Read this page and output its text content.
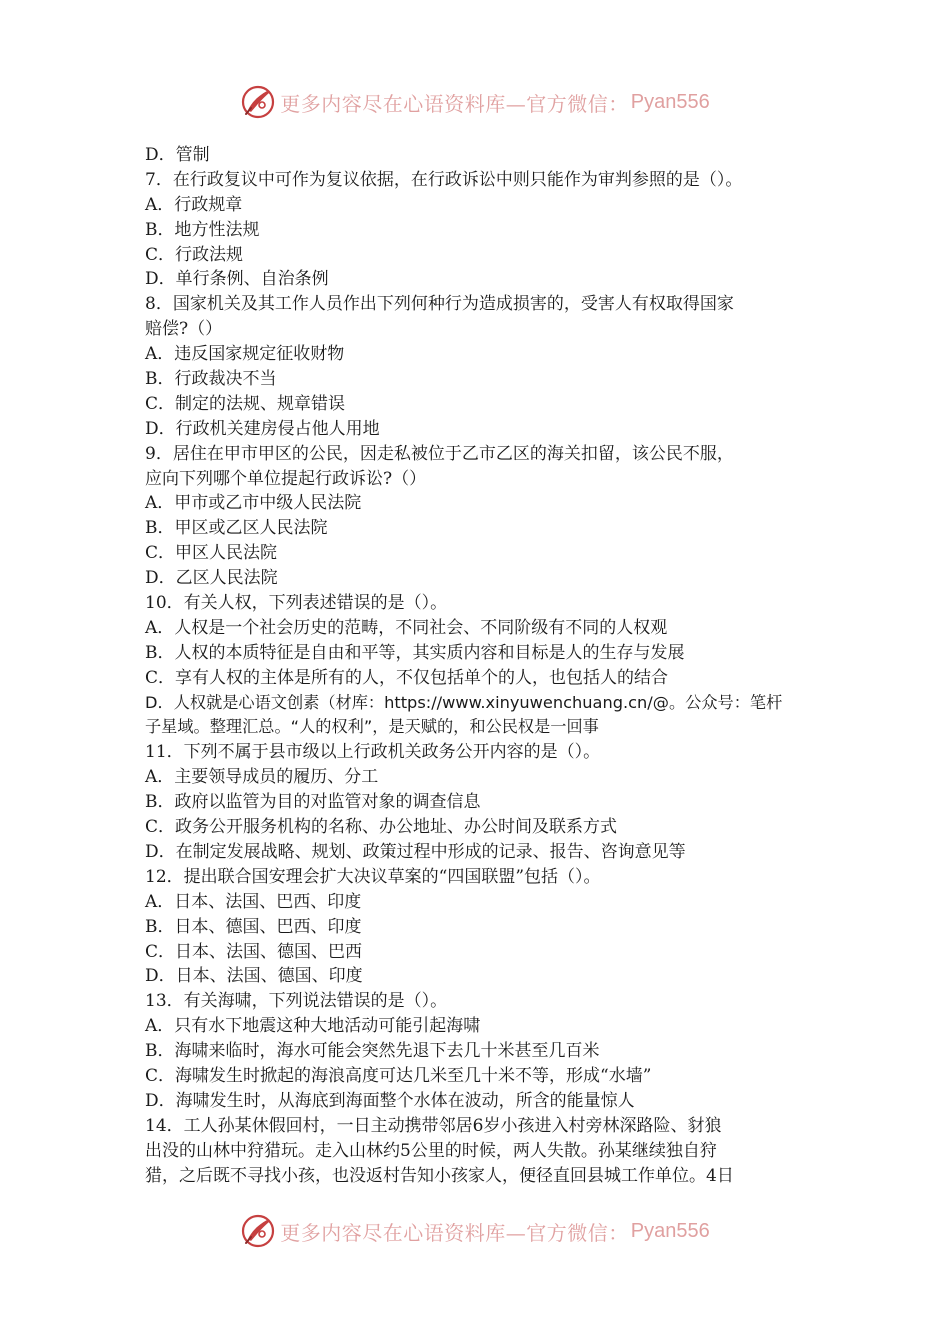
更多内容尽在心语资料库—官方微信： Pyan556
D．管制
7．在行政复议中可作为复议依据，在行政诉讼中则只能作为审判参照的是（）。
A．行政规章
B．地方性法规
C．行政法规
D．单行条例、自治条例
8．国家机关及其工作人员作出下列何种行为造成损害的，受害人有权取得国家
赔偿?（）
A．违反国家规定征收财物
B．行政裁决不当
C．制定的法规、规章错误
D．行政机关建房侵占他人用地
9．居住在甲市甲区的公民，因走私被位于乙市乙区的海关扣留，该公民不服，
应向下列哪个单位提起行政诉讼?（）
A．甲市或乙市中级人民法院
B．甲区或乙区人民法院
C．甲区人民法院
D．乙区人民法院
10．有关人权，下列表述错误的是（）。
A．人权是一个社会历史的范畴，不同社会、不同阶级有不同的人权观
B．人权的本质特征是自由和平等，其实质内容和目标是人的生存与发展
C．享有人权的主体是所有的人，不仅包括单个的人，也包括人的结合
D．人权就是心语文创素（材库：https://www.xinyuwenchuang.cn/@。公众号：笔杆
子星域。整理汇总。“人的权利”，是天赋的，和公民权是一回事
11．下列不属于县市级以上行政机关政务公开内容的是（）。
A．主要领导成员的履历、分工
B．政府以监管为目的对监管对象的调查信息
C．政务公开服务机构的名称、办公地址、办公时间及联系方式
D．在制定发展战略、规划、政策过程中形成的记录、报告、咨询意见等
12．提出联合国安理会扩大决议草案的“四国联盟”包括（）。
A．日本、法国、巴西、印度
B．日本、德国、巴西、印度
C．日本、法国、德国、巴西
D．日本、法国、德国、印度
13．有关海啸，下列说法错误的是（）。
A．只有水下地震这种大地活动可能引起海啸
B．海啸来临时，海水可能会突然先退下去几十米甚至几百米
C．海啸发生时掀起的海浪高度可达几米至几十米不等，形成“水墙”
D．海啸发生时，从海底到海面整个水体在波动，所含的能量惊人
14．工人孙某休假回村，一日主动携带邻居6岁小孩进入村旁林深路险、豺狼
出没的山林中狩猎玩。走入山林约5公里的时候，两人失散。孙某继续独自狩
猎，之后既不寻找小孩，也没返村告知小孩家人，便径直回县城工作单位。4日
更多内容尽在心语资料库—官方微信： Pyan556
